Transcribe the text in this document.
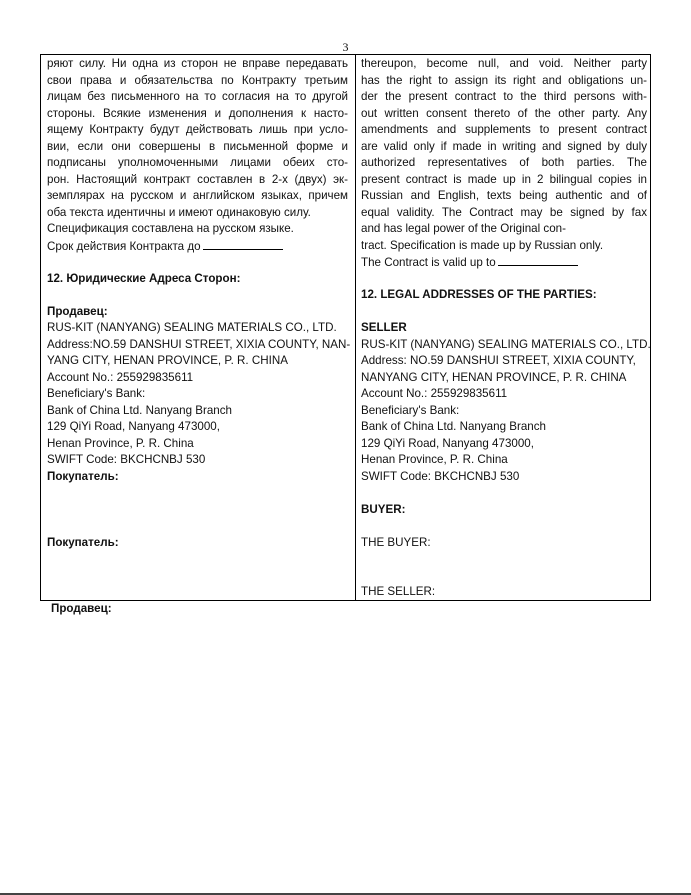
3
ряют силу. Ни одна из сторон не вправе передавать
свои права и обязательства по Контракту третьим
лицам без письменного на то согласия на то другой
стороны. Всякие изменения и дополнения к насто-
ящему Контракту будут действовать лишь при усло-
вии, если они совершены в письменной форме и
подписаны уполномоченными лицами обеих сто-
рон. Настоящий контракт составлен в 2-х (двух) эк-
земплярах на русском и английском языках, причем
оба текста идентичны и имеют одинаковую силу.
Спецификация составлена на русском языке.
Срок действия Контракта до
12. Юридические Адреса Сторон:
Продавец:
RUS-KIT (NANYANG) SEALING MATERIALS CO., LTD.
Address:NO.59 DANSHUI STREET, XIXIA COUNTY, NAN-
YANG CITY, HENAN PROVINCE, P. R. CHINA
Account No.: 255929835611
Beneficiary's Bank:
Bank of China Ltd. Nanyang Branch
129 QiYi Road, Nanyang 473000,
Henan Province, P. R. China
SWIFT Code: BKCHCNBJ 530
Покупатель:
Покупатель:
Продавец:
thereupon, become null, and void. Neither party
has the right to assign its right and obligations un-
der the present contract to the third persons with-
out written consent thereto of the other party. Any
amendments and supplements to present contract
are valid only if made in writing and signed by duly
authorized representatives of both parties. The
present contract is made up in 2 bilingual copies in
Russian and English, texts being authentic and of
equal validity. The Contract may be signed by fax
and has legal power of the Original con-
tract. Specification is made up by Russian only.
The Contract is valid up to
12. LEGAL ADDRESSES OF THE PARTIES:
SELLER
RUS-KIT (NANYANG) SEALING MATERIALS CO., LTD.
Address: NO.59 DANSHUI STREET, XIXIA COUNTY,
NANYANG CITY, HENAN PROVINCE, P. R. CHINA
Account No.: 255929835611
Beneficiary's Bank:
Bank of China Ltd. Nanyang Branch
129 QiYi Road, Nanyang 473000,
Henan Province, P. R. China
SWIFT Code: BKCHCNBJ 530
BUYER:
THE BUYER:
THE SELLER:
